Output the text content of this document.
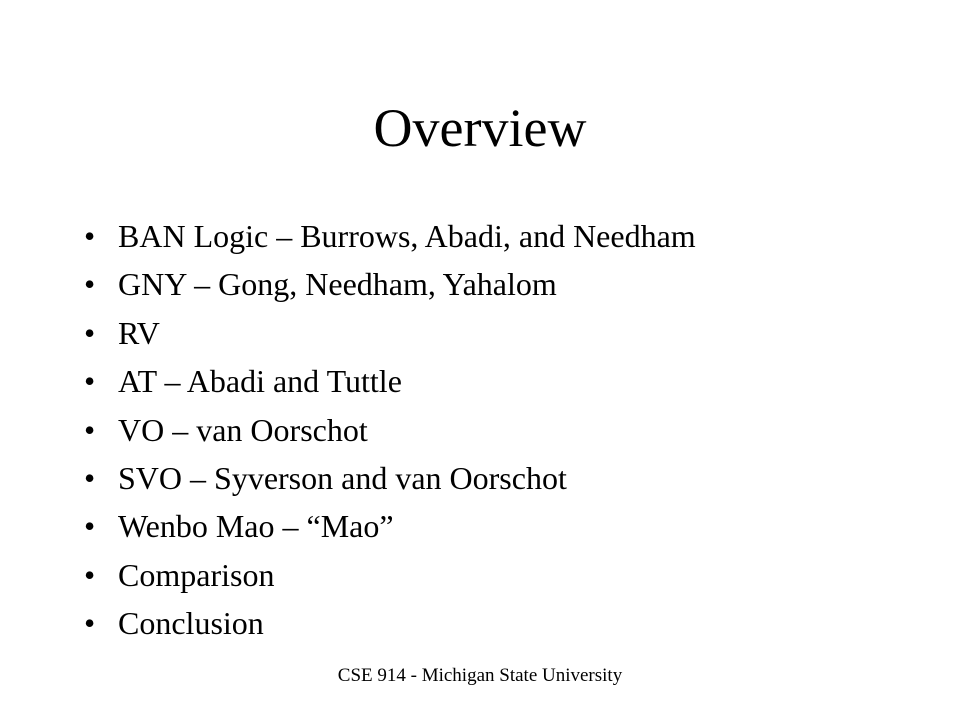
Overview
• BAN Logic – Burrows, Abadi, and Needham
• GNY – Gong, Needham, Yahalom
• RV
• AT – Abadi and Tuttle
• VO – van Oorschot
• SVO – Syverson and van Oorschot
• Wenbo Mao – “Mao”
• Comparison
• Conclusion
CSE 914 - Michigan State University
